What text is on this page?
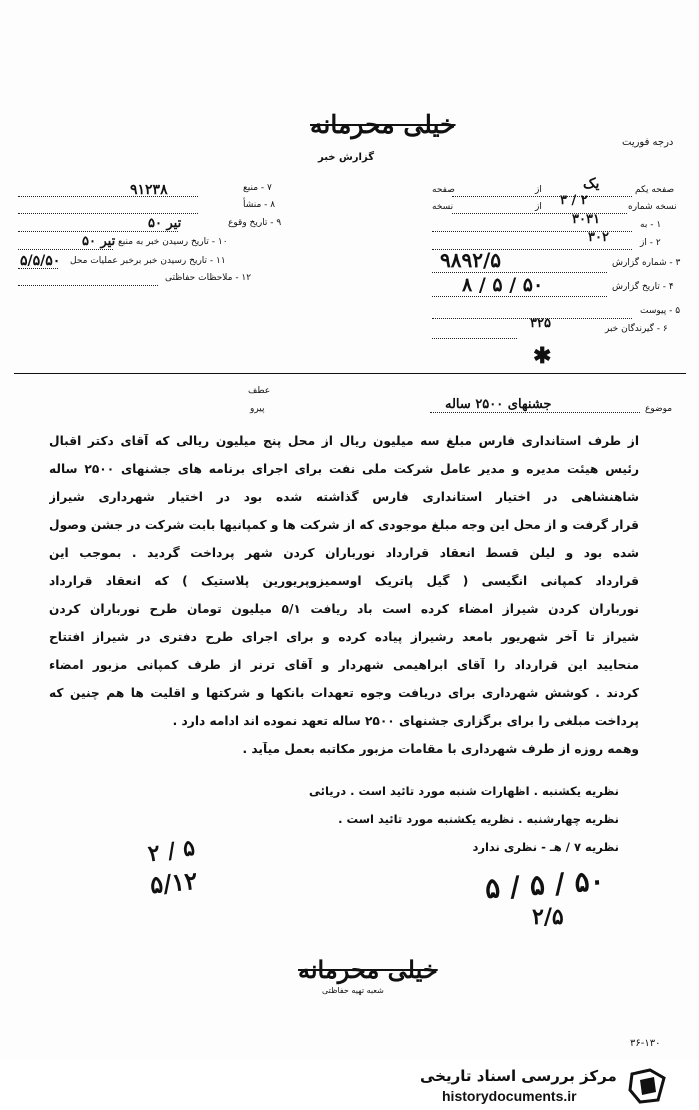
خیلی محرمانه
گزارش خبر
درجه فوریت
۹۱۲۳۸	۷ - منبع
۸ - منشأ
۵۰ تیر	۹ - تاریخ وقوع
۵۰ تیر ۱۰ - تاریخ رسیدن خبر به منبع
۵/۵/۵۰ ۱۱ - تاریخ رسیدن خبر برخبر عملیات محل
۱۲ - ملاحظات حفاظتی
صفحه یکم
صفحه	از	یک
نسخه شماره
نسخه	از ۳ / ۲
۱ - به
۳۰۳۱
۲ - از
۳۰۲
۳ - شماره گزارش
۹۸۹۲/۵
۴ - تاریخ گزارش
۸ / ۵ / ۵۰
۵ - پیوست
۶ - گیرندگان خبر
۳۲۵
✱
موضوع
جشنهای ۲۵۰۰ ساله
عطف
پیرو
از طرف استانداری فارس مبلغ سه میلیون ریال از محل پنج میلیون ریالی که آقای دکتر اقبال
رئیس هیئت مدیره و مدیر عامل شرکت ملی نفت برای اجرای برنامه های جشنهای ۲۵۰۰ ساله
شاهنشاهی در اختیار استانداری فارس گذاشته شده بود در اختیار شهرداری شیراز
قرار گرفت و از محل این وجه مبلغ موجودی که از شرکت ها و کمپانیها بابت شرکت در جشن وصول
شده بود و لیلن قسط انعقاد قرارداد نورباران کردن شهر پرداخت گردید . بموجب این
قرارداد کمپانی انگیسی ( گیل پاتریک اوسمیزوپریورین پلاستیک ) که انعقاد قرارداد
نورباران کردن شیراز امضاء کرده است باد ریافت ۵/۱ میلیون تومان طرح نورباران کردن
شیراز تا آخر شهریور بامعد رشیراز پیاده کرده و برای اجرای طرح دفتری در شیراز افتتاح
منحایید این قرارداد را آقای ابراهیمی شهردار و آقای ترنر از طرف کمپانی مزبور امضاء
کردند . کوشش شهرداری برای دریافت وجوه تعهدات بانکها و شرکتها و اقلیت ها هم چنین که
پرداخت مبلغی را برای برگزاری جشنهای ۲۵۰۰ ساله تعهد نموده اند ادامه دارد .
وهمه روزه از طرف شهرداری با مقامات مزبور مکاتبه بعمل میآید .
نظریه یکشنبه . اظهارات شنبه مورد تائید است . دریائی
نظریه چهارشنبه . نظریه یکشنبه مورد تائید است .
نظریه ۷ / هـ - نظری ندارد
۲ / ۵
۵/۱۲	۵ / ۵ / ۵۰
۲/۵
خیلی محرمانه
شعبه تهیه حفاظتی
۳۶-۱۳۰
مرکز بررسی اسناد تاریخی
historydocuments.ir
